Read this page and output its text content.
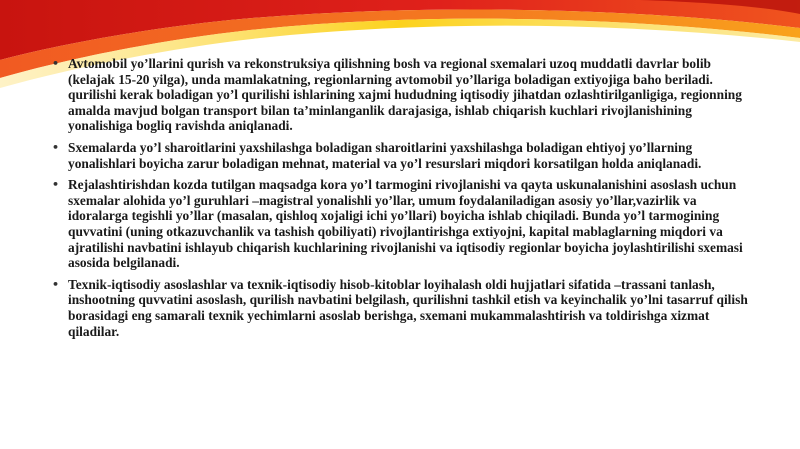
• Avtomobil yo’llarini qurish va rekonstruksiya qilishning bosh va regional sxemalari uzoq muddatli davrlar bolib (kelajak 15-20 yilga), unda mamlakatning, regionlarning avtomobil yo’llariga boladigan extiyojiga baho beriladi. qurilishi kerak boladigan yo’l qurilishi ishlarining xajmi hududning iqtisodiy jihatdan ozlashtirilganligiga, regionning amalda mavjud bolgan transport bilan ta’minlanganlik darajasiga, ishlab chiqarish kuchlari rivojlanishining yonalishiga bogliq ravishda aniqlanadi.
• Sxemalarda yo’l sharoitlarini yaxshilashga boladigan sharoitlarini yaxshilashga boladigan ehtiyoj yo’llarning yonalishlari boyicha zarur boladigan mehnat, material va yo’l resurslari miqdori korsatilgan holda aniqlanadi.
• Rejalashtirishdan kozda tutilgan maqsadga kora yo’l tarmogini rivojlanishi va qayta uskunalanishini asoslash uchun sxemalar alohida yo’l guruhlari –magistral yonalishli yo’llar, umum foydalaniladigan asosiy yo’llar,vazirlik va idoralarga tegishli yo’llar (masalan, qishloq xojaligi ichi yo’llari) boyicha ishlab chiqiladi. Bunda yo’l tarmogining quvvatini (uning otkazuvchanlik va tashish qobiliyati) rivojlantirishga extiyojni, kapital mablaglarning miqdori va ajratilishi navbatini ishlayub chiqarish kuchlarining rivojlanishi va iqtisodiy regionlar boyicha joylashtirilishi sxemasi asosida belgilanadi.
• Texnik-iqtisodiy asoslashlar va texnik-iqtisodiy hisob-kitoblar loyihalash oldi hujjatlari sifatida –trassani tanlash, inshootning quvvatini asoslash, qurilish navbatini belgilash, qurilishni tashkil etish va keyinchalik yo’lni tasarruf qilish borasidagi eng samarali texnik yechimlarni asoslab berishga, sxemani mukammalashtirish va toldirishga xizmat qiladilar.
